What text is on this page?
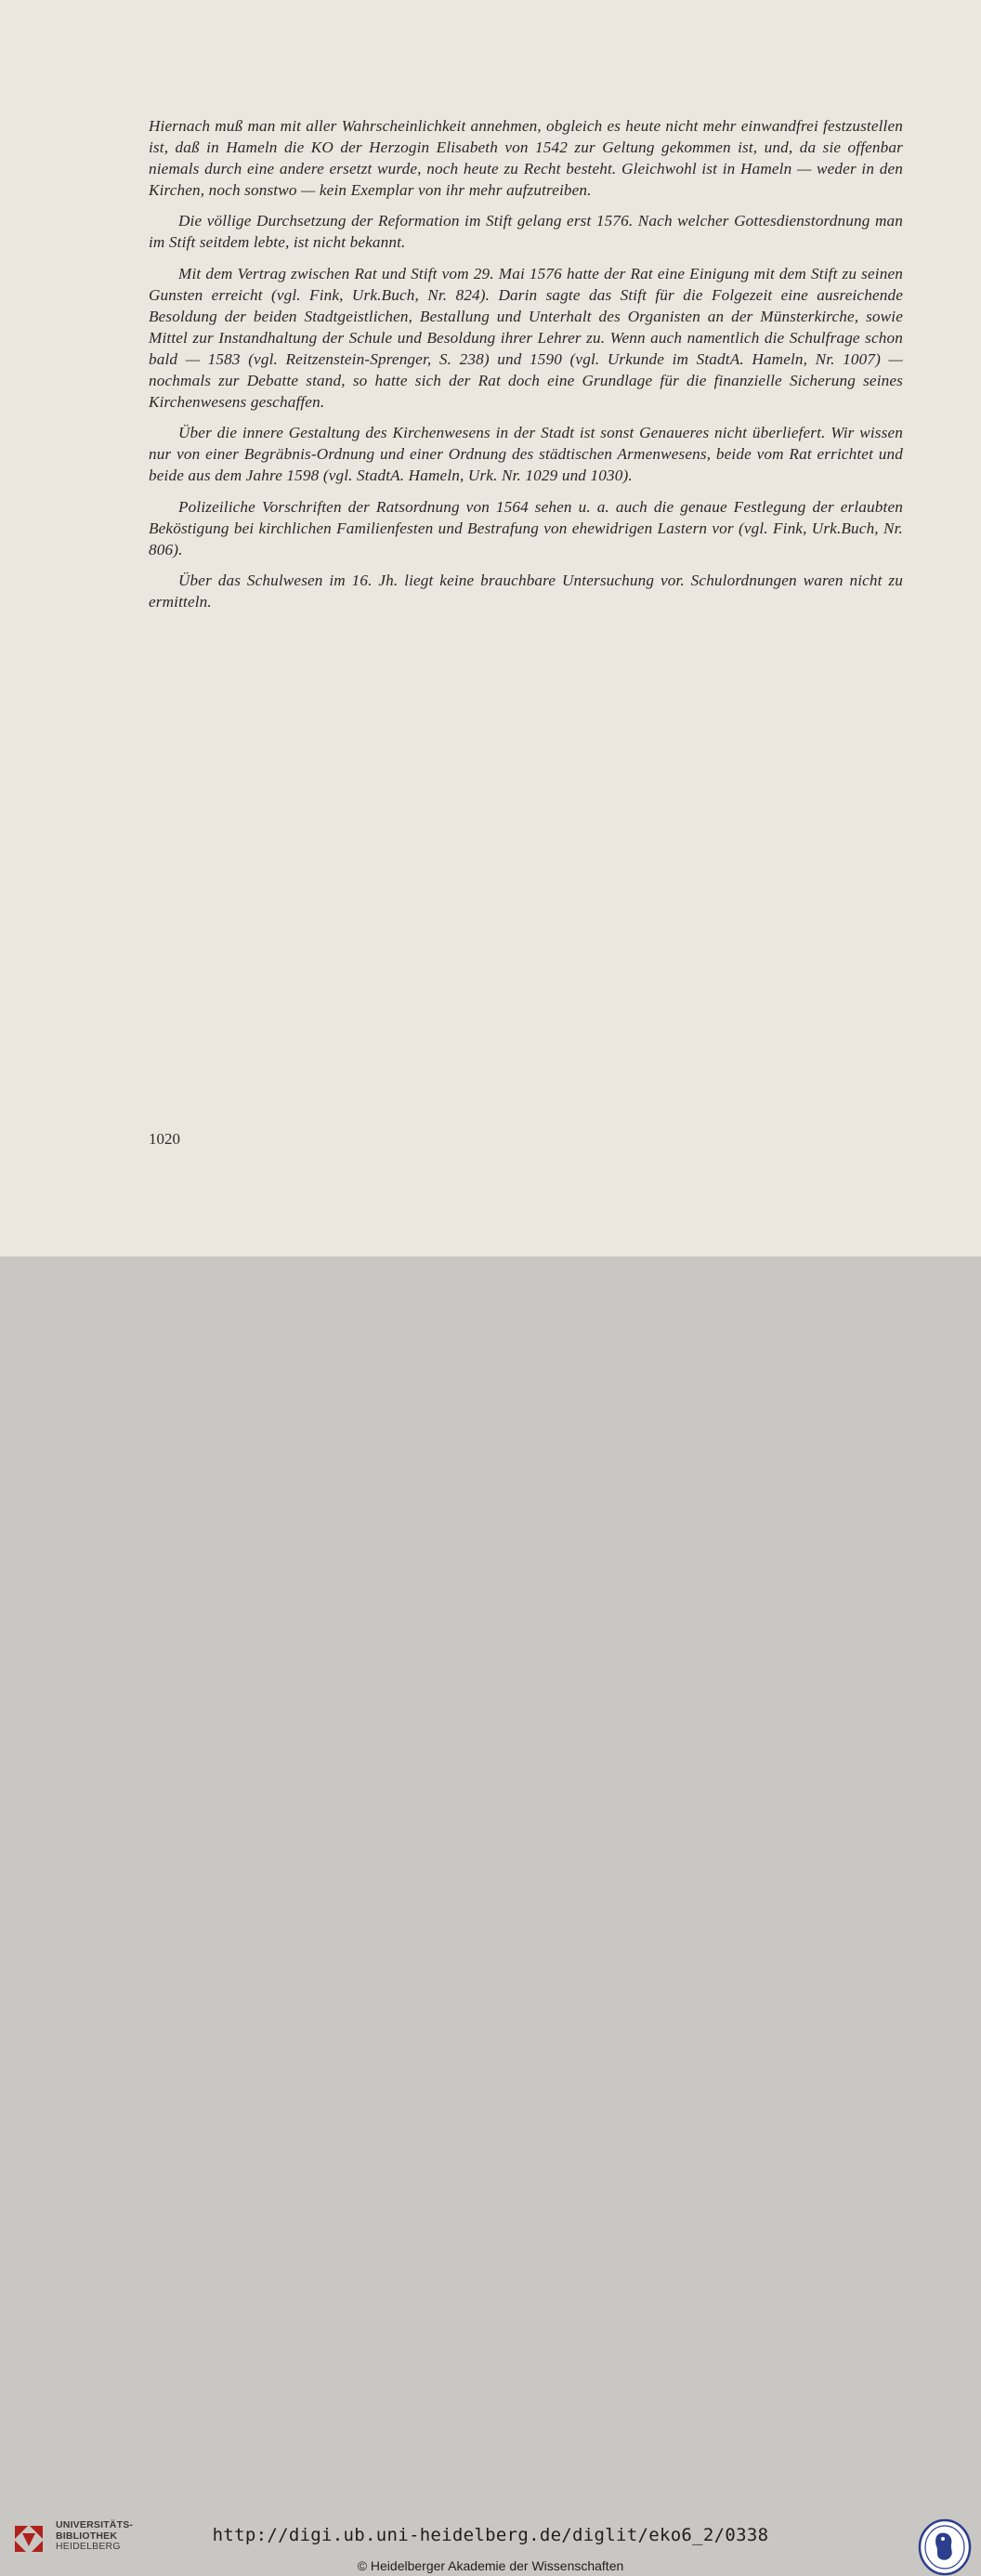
Hiernach muß man mit aller Wahrscheinlichkeit annehmen, obgleich es heute nicht mehr einwandfrei festzustellen ist, daß in Hameln die KO der Herzogin Elisabeth von 1542 zur Geltung gekommen ist, und, da sie offenbar niemals durch eine andere ersetzt wurde, noch heute zu Recht besteht. Gleichwohl ist in Hameln — weder in den Kirchen, noch sonstwo — kein Exemplar von ihr mehr aufzutreiben.

Die völlige Durchsetzung der Reformation im Stift gelang erst 1576. Nach welcher Gottesdienstordnung man im Stift seitdem lebte, ist nicht bekannt.

Mit dem Vertrag zwischen Rat und Stift vom 29. Mai 1576 hatte der Rat eine Einigung mit dem Stift zu seinen Gunsten erreicht (vgl. Fink, Urk.Buch, Nr. 824). Darin sagte das Stift für die Folgezeit eine ausreichende Besoldung der beiden Stadtgeistlichen, Bestallung und Unterhalt des Organisten an der Münsterkirche, sowie Mittel zur Instandhaltung der Schule und Besoldung ihrer Lehrer zu. Wenn auch namentlich die Schulfrage schon bald — 1583 (vgl. Reitzenstein-Sprenger, S. 238) und 1590 (vgl. Urkunde im StadtA. Hameln, Nr. 1007) — nochmals zur Debatte stand, so hatte sich der Rat doch eine Grundlage für die finanzielle Sicherung seines Kirchenwesens geschaffen.

Über die innere Gestaltung des Kirchenwesens in der Stadt ist sonst Genaueres nicht überliefert. Wir wissen nur von einer Begräbnis-Ordnung und einer Ordnung des städtischen Armenwesens, beide vom Rat errichtet und beide aus dem Jahre 1598 (vgl. StadtA. Hameln, Urk. Nr. 1029 und 1030).

Polizeiliche Vorschriften der Ratsordnung von 1564 sehen u. a. auch die genaue Festlegung der erlaubten Beköstigung bei kirchlichen Familienfesten und Bestrafung von ehewidrigen Lastern vor (vgl. Fink, Urk.Buch, Nr. 806).

Über das Schulwesen im 16. Jh. liegt keine brauchbare Untersuchung vor. Schulordnungen waren nicht zu ermitteln.

1020
UNIVERSITÄTS-
BIBLIOTHEK
HEIDELBERG
http://digi.ub.uni-heidelberg.de/diglit/eko6_2/0338
© Heidelberger Akademie der Wissenschaften
